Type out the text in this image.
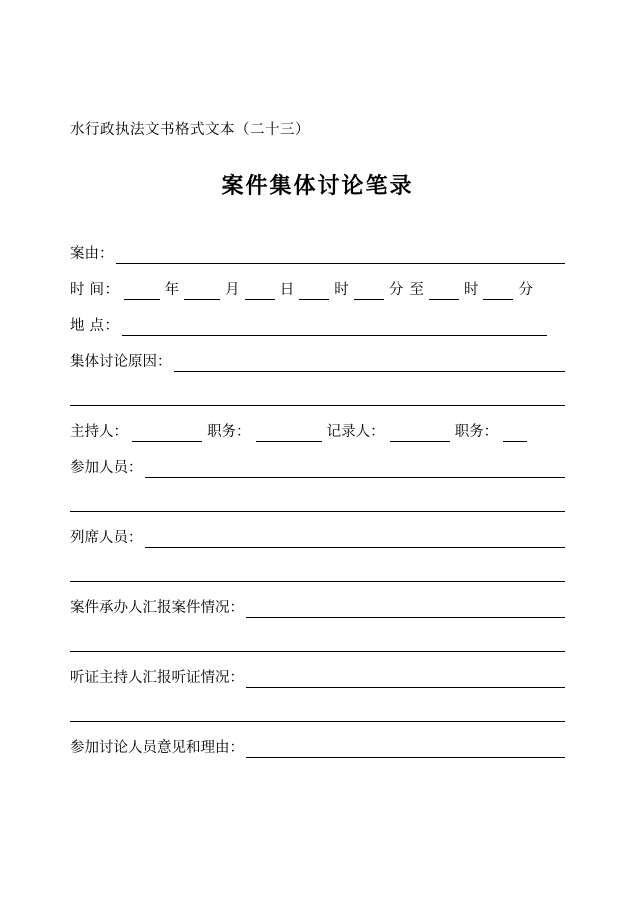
水行政执法文书格式文本（二十三）
案件集体讨论笔录
案由：
时 间：	年	月	日	时	分 至	时	分
地 点：
集体讨论原因：
主持人：	职务：	记录人：	职务：
参加人员：
列席人员：
案件承办人汇报案件情况：
听证主持人汇报听证情况：
参加讨论人员意见和理由：
